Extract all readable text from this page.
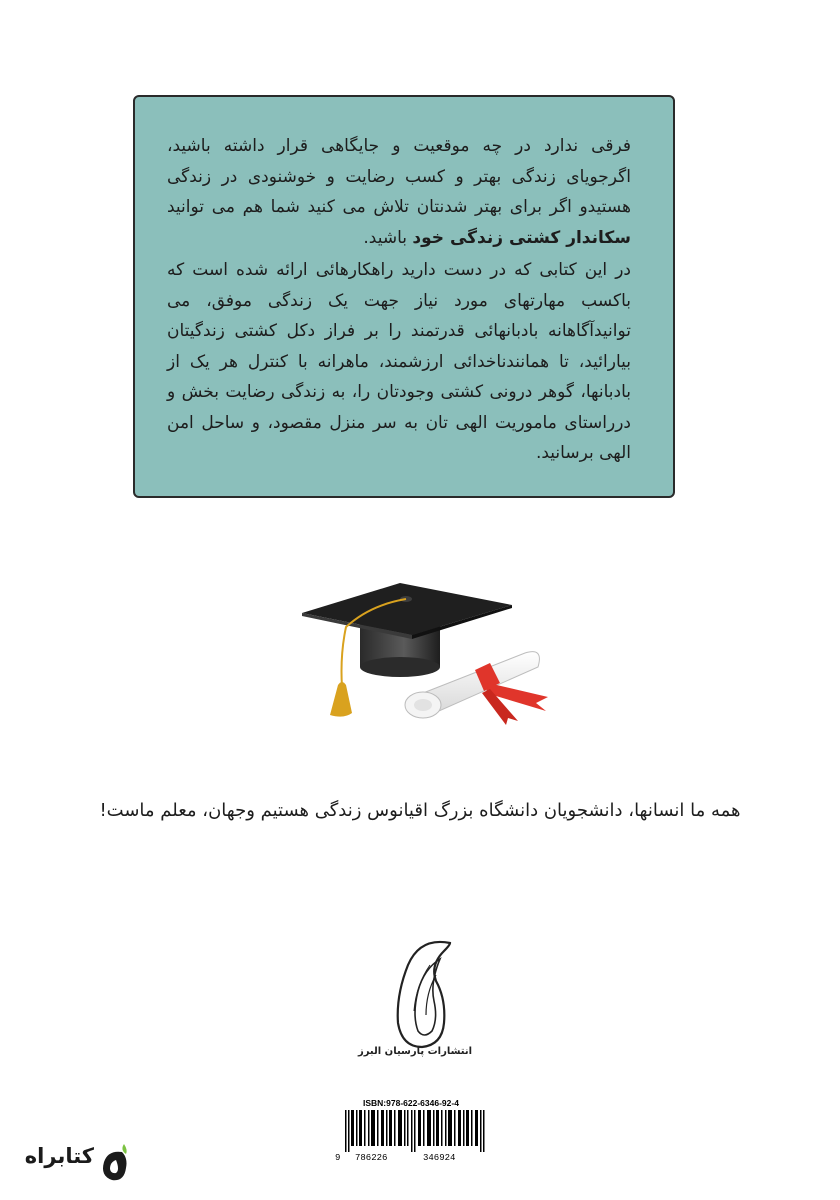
فرقی ندارد در چه موقعیت و جایگاهی قرار داشته باشید، اگرجویای زندگی بهتر و کسب رضایت و خوشنودی در زندگی هستیدو اگر برای بهتر شدنتان تلاش می کنید شما هم می توانید سکاندار کشتی زندگی خود باشید.

در این کتابی که در دست دارید راهکارهائی ارائه شده است که باکسب مهارتهای مورد نیاز جهت یک زندگی موفق، می توانیدآگاهانه بادبانهائی قدرتمند را بر فراز دکل کشتی زندگیتان بیارائید، تا همانندناخدائی ارزشمند، ماهرانه با کنترل هر یک از بادبانها، گوهر درونی کشتی وجودتان را، به زندگی رضایت بخش و درراستای ماموریت الهی تان به سر منزل مقصود، و ساحل امن الهی برسانید.

همه ما انسانها، دانشجویان دانشگاه بزرگ اقیانوس زندگی هستیم وجهان، معلم ماست!
انتشارات پارسیان البرز
ISBN:978-622-6346-92-4
9 786226	346924
کتابراه
